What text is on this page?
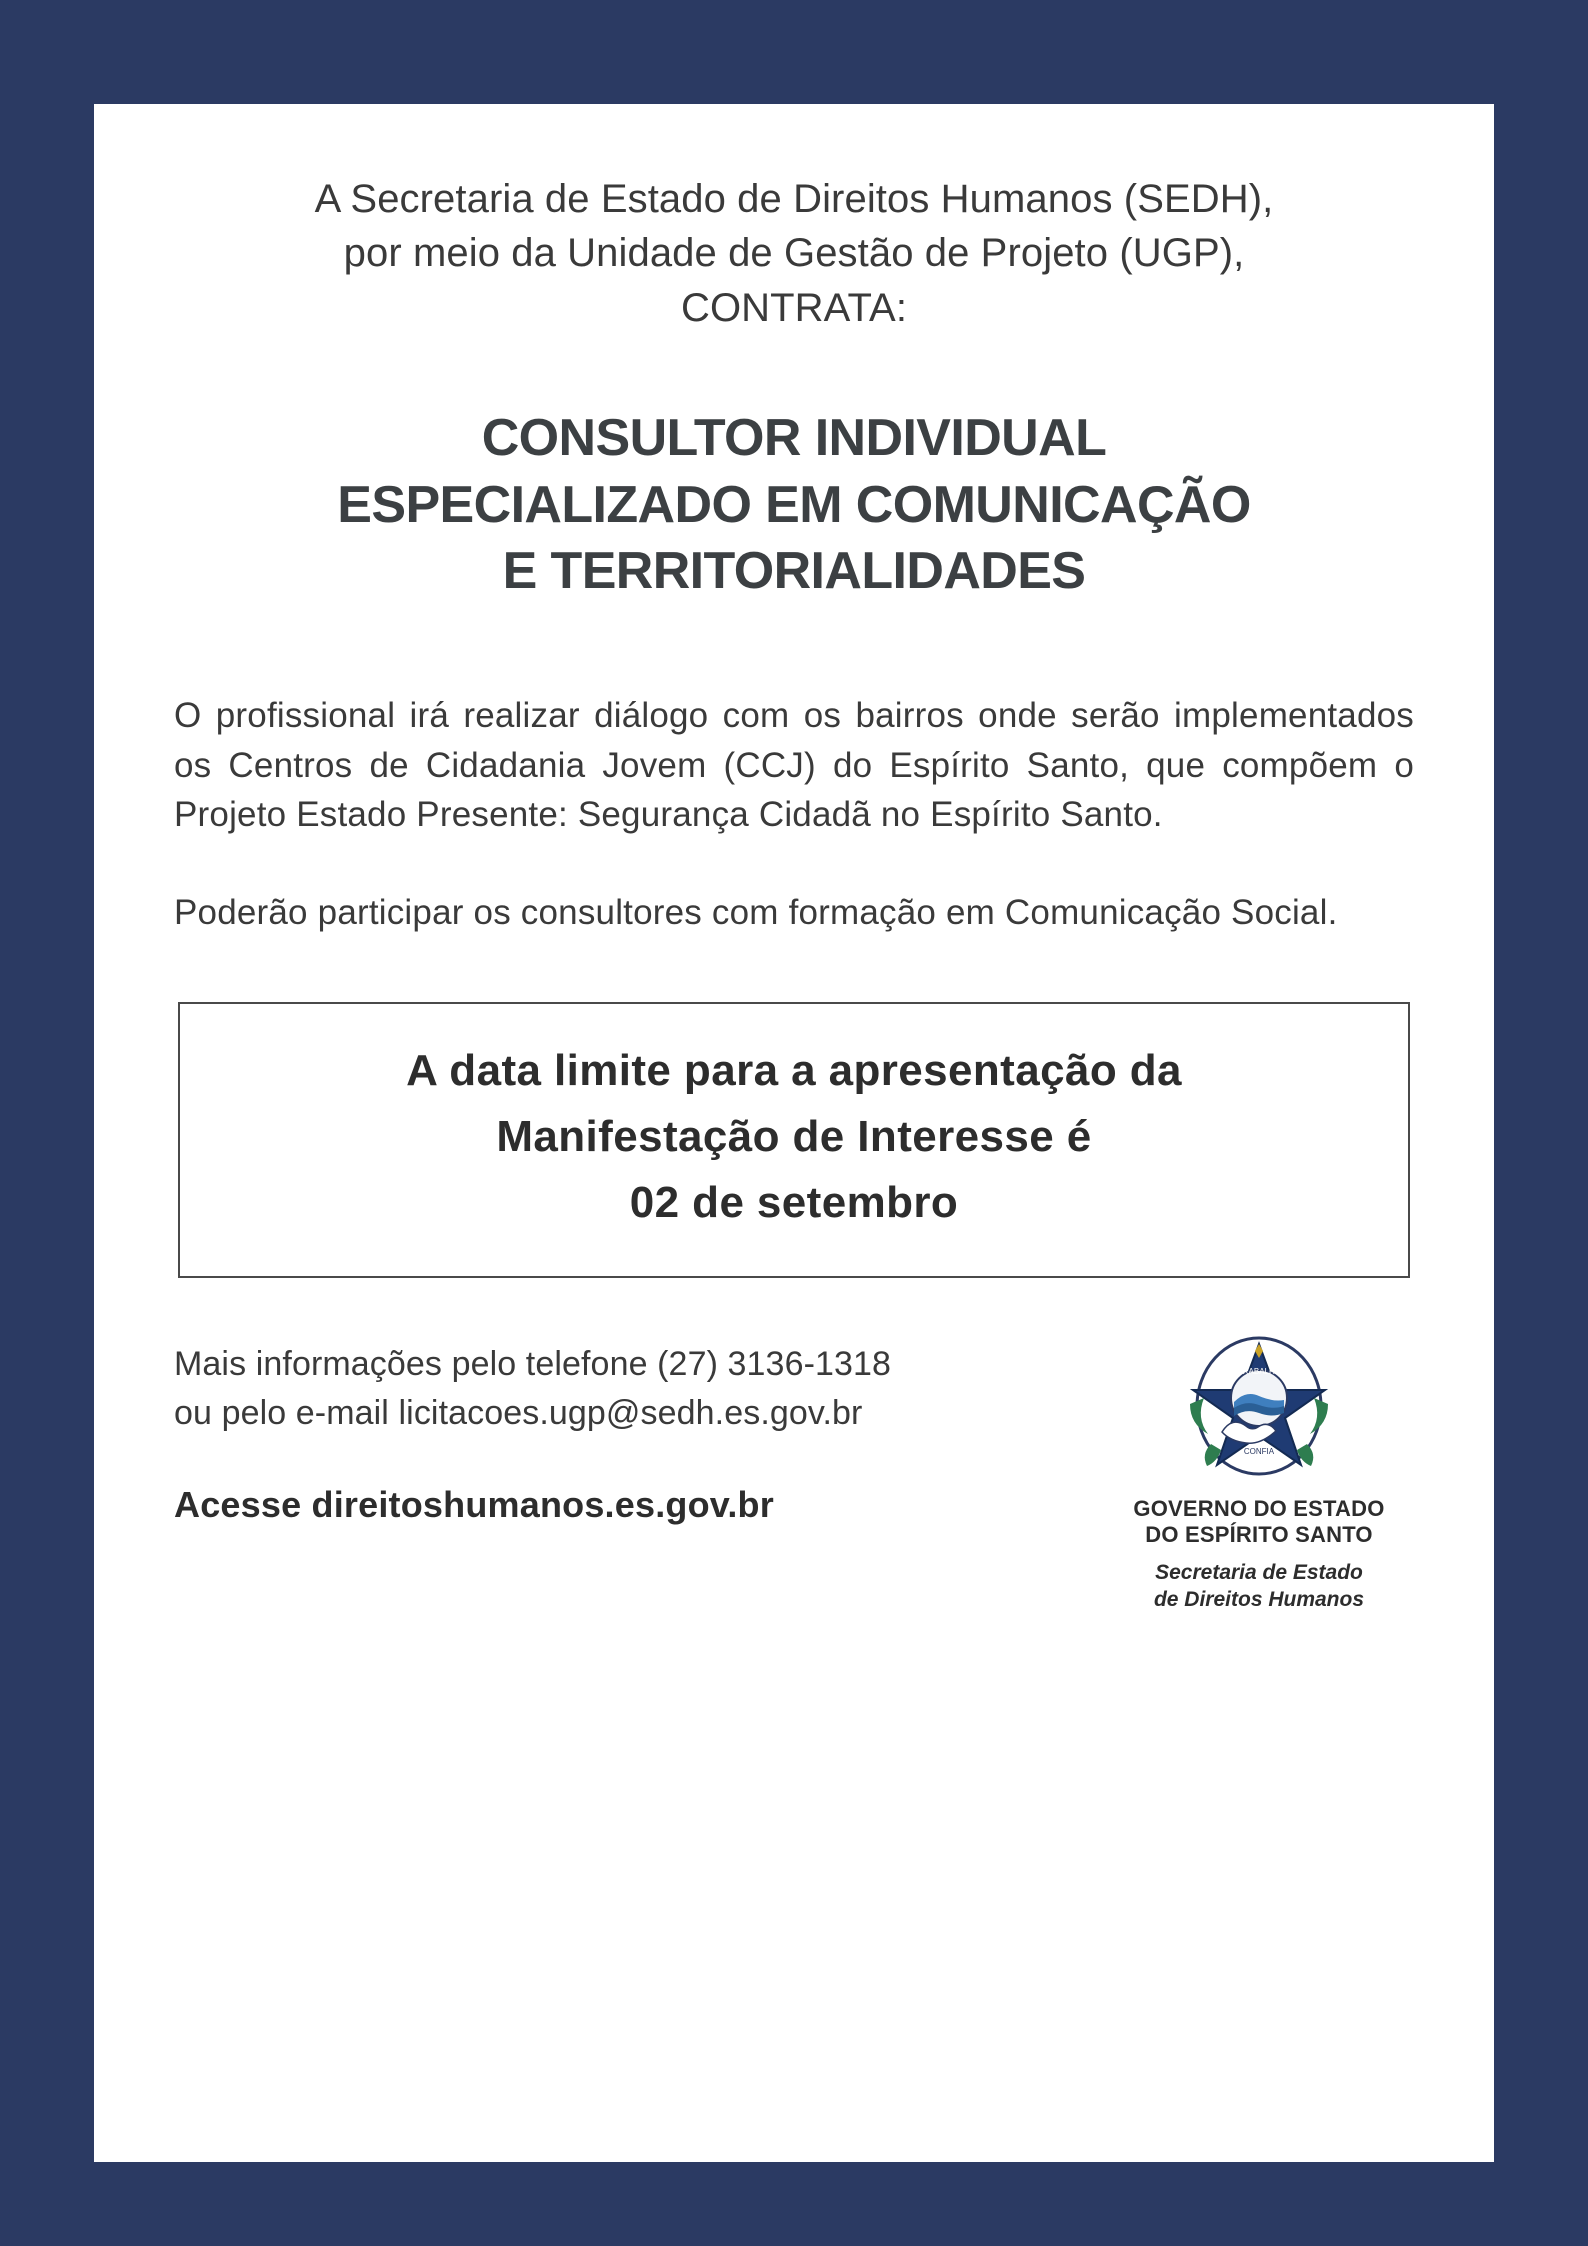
A Secretaria de Estado de Direitos Humanos (SEDH),
por meio da Unidade de Gestão de Projeto (UGP),
CONTRATA:
CONSULTOR INDIVIDUAL
ESPECIALIZADO EM COMUNICAÇÃO
E TERRITORIALIDADES

O profissional irá realizar diálogo com os bairros onde serão implementados os Centros de Cidadania Jovem (CCJ) do Espírito Santo, que compõem o Projeto Estado Presente: Segurança Cidadã no Espírito Santo.

Poderão participar os consultores com formação em Comunicação Social.

A data limite para a apresentação da
Manifestação de Interesse é
02 de setembro
Mais informações pelo telefone (27) 3136-1318
ou pelo e-mail licitacoes.ugp@sedh.es.gov.br
Acesse direitoshumanos.es.gov.br
TRABALHA
CONFIA
GOVERNO DO ESTADO
DO ESPÍRITO SANTO
Secretaria de Estado
de Direitos Humanos
